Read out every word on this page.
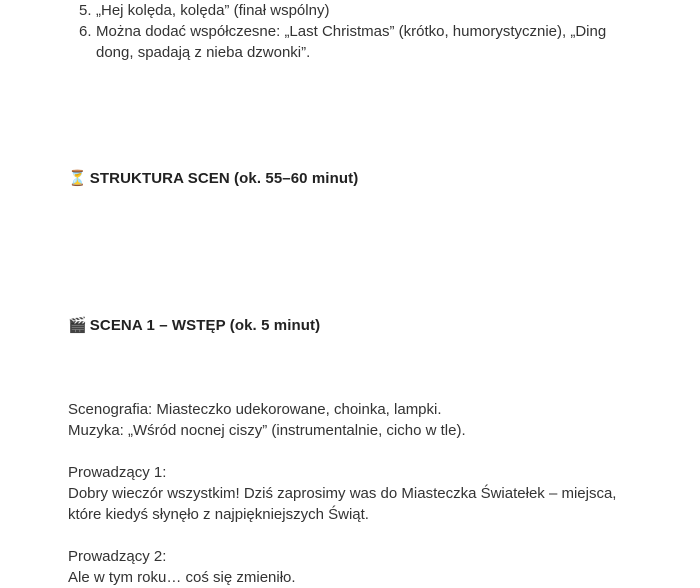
5. „Hej kolęda, kolęda” (finał wspólny)
6. Można dodać współczesne: „Last Christmas” (krótko, humorystycznie), „Ding dong, spadają z nieba dzwonki”.
⏳ STRUKTURA SCEN (ok. 55–60 minut)
🎬 SCENA 1 – WSTĘP (ok. 5 minut)
Scenografia: Miasteczko udekorowane, choinka, lampki.
Muzyka: „Wśród nocnej ciszy” (instrumentalnie, cicho w tle).
Prowadzący 1:
Dobry wieczór wszystkim! Dziś zaprosimy was do Miasteczka Światełek – miejsca,
które kiedyś słynęło z najpiękniejszych Świąt.
Prowadzący 2:
Ale w tym roku… coś się zmieniło.
